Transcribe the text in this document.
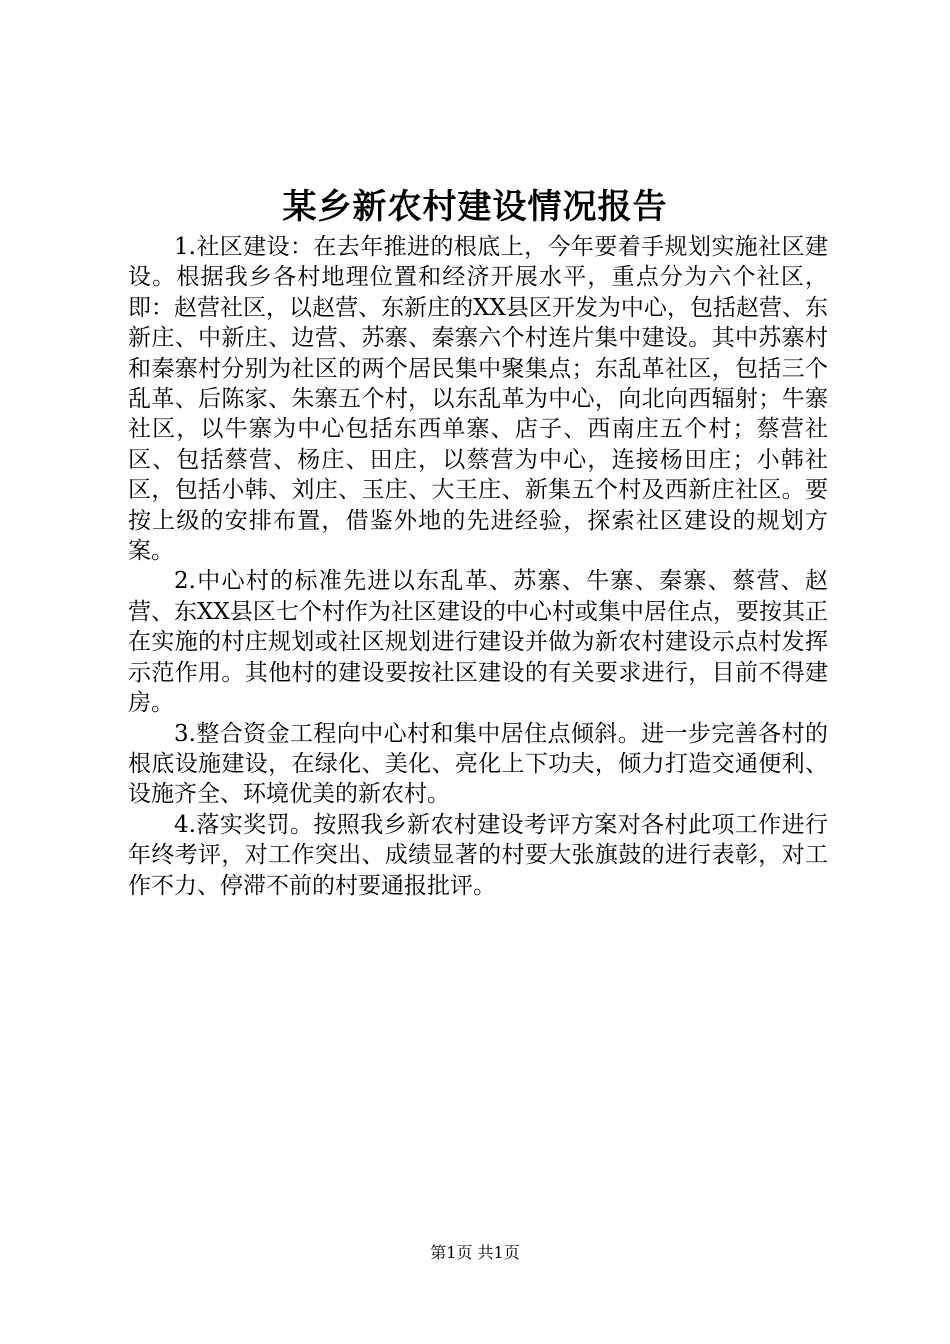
某乡新农村建设情况报告

1.社区建设：在去年推进的根底上，今年要着手规划实施社区建设。根据我乡各村地理位置和经济开展水平，重点分为六个社区，即：赵营社区，以赵营、东新庄的XX县区开发为中心，包括赵营、东新庄、中新庄、边营、苏寨、秦寨六个村连片集中建设。其中苏寨村和秦寨村分别为社区的两个居民集中聚集点；东乱革社区，包括三个乱革、后陈家、朱寨五个村，以东乱革为中心，向北向西辐射；牛寨社区，以牛寨为中心包括东西单寨、店子、西南庄五个村；蔡营社区、包括蔡营、杨庄、田庄，以蔡营为中心，连接杨田庄；小韩社区，包括小韩、刘庄、玉庄、大王庄、新集五个村及西新庄社区。要按上级的安排布置，借鉴外地的先进经验，探索社区建设的规划方案。

2.中心村的标准先进以东乱革、苏寨、牛寨、秦寨、蔡营、赵营、东XX县区七个村作为社区建设的中心村或集中居住点，要按其正在实施的村庄规划或社区规划进行建设并做为新农村建设示点村发挥示范作用。其他村的建设要按社区建设的有关要求进行，目前不得建房。

3.整合资金工程向中心村和集中居住点倾斜。进一步完善各村的根底设施建设，在绿化、美化、亮化上下功夫，倾力打造交通便利、设施齐全、环境优美的新农村。

4.落实奖罚。按照我乡新农村建设考评方案对各村此项工作进行年终考评，对工作突出、成绩显著的村要大张旗鼓的进行表彰，对工作不力、停滞不前的村要通报批评。

第1页 共1页
